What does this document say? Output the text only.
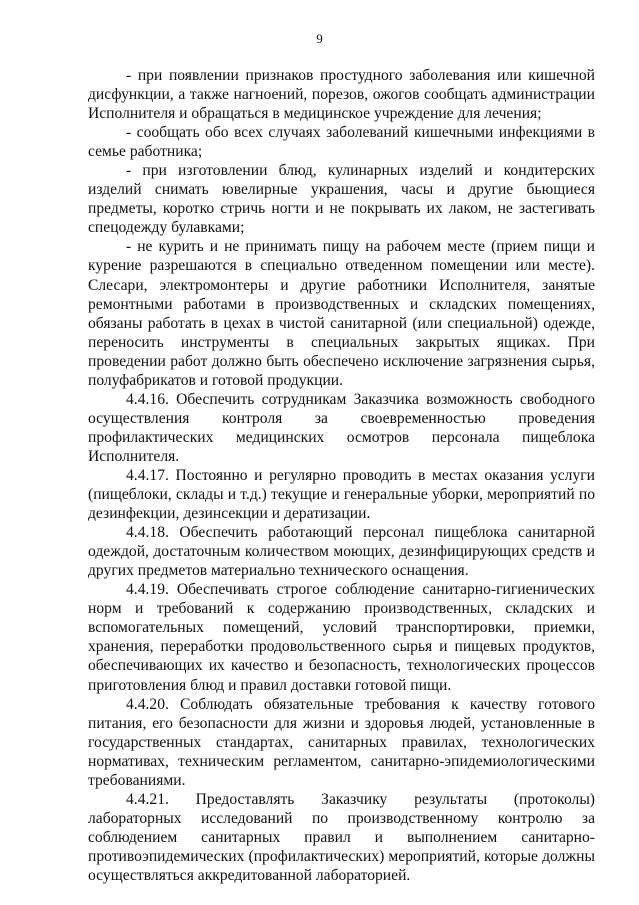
9

- при появлении признаков простудного заболевания или кишечной дисфункции, а также нагноений, порезов, ожогов сообщать администрации Исполнителя и обращаться в медицинское учреждение для лечения;

- сообщать обо всех случаях заболеваний кишечными инфекциями в семье работника;

- при изготовлении блюд, кулинарных изделий и кондитерских изделий снимать ювелирные украшения, часы и другие бьющиеся предметы, коротко стричь ногти и не покрывать их лаком, не застегивать спецодежду булавками;

- не курить и не принимать пищу на рабочем месте (прием пищи и курение разрешаются в специально отведенном помещении или месте). Слесари, электромонтеры и другие работники Исполнителя, занятые ремонтными работами в производственных и складских помещениях, обязаны работать в цехах в чистой санитарной (или специальной) одежде, переносить инструменты в специальных закрытых ящиках. При проведении работ должно быть обеспечено исключение загрязнения сырья, полуфабрикатов и готовой продукции.

4.4.16. Обеспечить сотрудникам Заказчика возможность свободного осуществления контроля за своевременностью проведения профилактических медицинских осмотров персонала пищеблока Исполнителя.

4.4.17. Постоянно и регулярно проводить в местах оказания услуги (пищеблоки, склады и т.д.) текущие и генеральные уборки, мероприятий по дезинфекции, дезинсекции и дератизации.

4.4.18. Обеспечить работающий персонал пищеблока санитарной одеждой, достаточным количеством моющих, дезинфицирующих средств и других предметов материально технического оснащения.

4.4.19. Обеспечивать строгое соблюдение санитарно-гигиенических норм и требований к содержанию производственных, складских и вспомогательных помещений, условий транспортировки, приемки, хранения, переработки продовольственного сырья и пищевых продуктов, обеспечивающих их качество и безопасность, технологических процессов приготовления блюд и правил доставки готовой пищи.

4.4.20. Соблюдать обязательные требования к качеству готового питания, его безопасности для жизни и здоровья людей, установленные в государственных стандартах, санитарных правилах, технологических нормативах, техническим регламентом, санитарно-эпидемиологическими требованиями.

4.4.21. Предоставлять Заказчику результаты (протоколы) лабораторных исследований по производственному контролю за соблюдением санитарных правил и выполнением санитарно-противоэпидемических (профилактических) мероприятий, которые должны осуществляться аккредитованной лабораторией.
